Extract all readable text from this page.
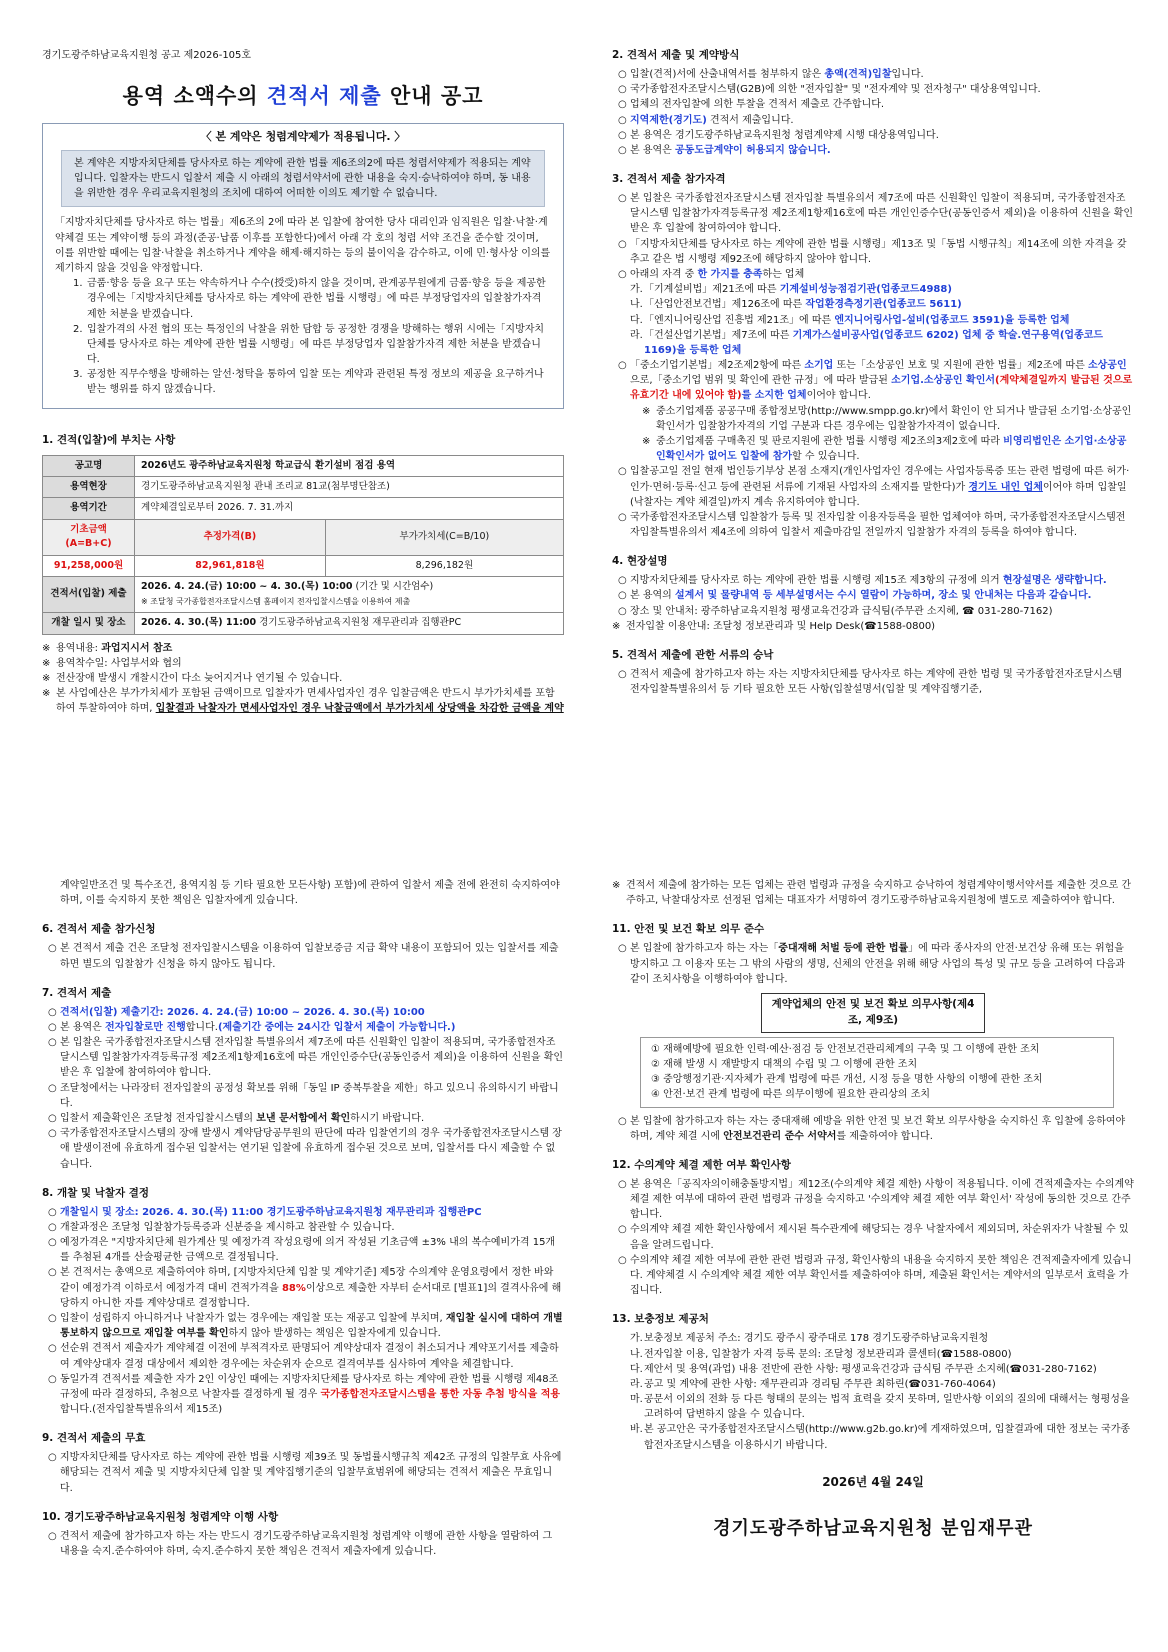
경기도광주하남교육지원청 공고 제2026-105호

용역 소액수의 견적서 제출 안내 공고

〈 본 계약은 청렴계약제가 적용됩니다. 〉

본 계약은 지방자치단체를 당사자로 하는 계약에 관한 법률 제6조의2에 따른 청렴서약제가 적용되는 계약입니다. 입찰자는 반드시 입찰서 제출 시 아래의 청렴서약서에 관한 내용을 숙지·승낙하여야 하며, 동 내용을 위반한 경우 우리교육지원청의 조치에 대하여 어떠한 이의도 제기할 수 없습니다.

「지방자치단체를 당사자로 하는 법률」제6조의 2에 따라 본 입찰에 참여한 당사 대리인과 임직원은 입찰·낙찰·계약체결 또는 계약이행 등의 과정(준공·납품 이후를 포함한다)에서 아래 각 호의 청렴 서약 조건을 준수할 것이며, 이를 위반할 때에는 입찰·낙찰을 취소하거나 계약을 해제·해지하는 등의 불이익을 감수하고, 이에 민·형사상 이의를 제기하지 않을 것임을 약정합니다.

1. 금품·향응 등을 요구 또는 약속하거나 수수(授受)하지 않을 것이며, 관계공무원에게 금품·향응 등을 제공한 경우에는「지방자치단체를 당사자로 하는 계약에 관한 법률 시행령」에 따른 부정당업자의 입찰참가자격 제한 처분을 받겠습니다.
2. 입찰가격의 사전 협의 또는 특정인의 낙찰을 위한 담합 등 공정한 경쟁을 방해하는 행위 시에는「지방자치단체를 당사자로 하는 계약에 관한 법률 시행령」에 따른 부정당업자 입찰참가자격 제한 처분을 받겠습니다.
3. 공정한 직무수행을 방해하는 알선·청탁을 통하여 입찰 또는 계약과 관련된 특정 정보의 제공을 요구하거나 받는 행위를 하지 않겠습니다.

1. 견적(입찰)에 부치는 사항

공고명	2026년도 광주하남교육지원청 학교급식 환기설비 점검 용역	
용역현장	경기도광주하남교육지원청 관내 조리교 81교(첨부명단참조)	
용역기간	계약체결일로부터 2026. 7. 31.까지	
기초금액(A=B+C)	추정가격(B)	부가가치세(C=B/10)
91,258,000원	82,961,818원	8,296,182원
견적서(입찰) 제출	2026. 4. 24.(금) 10:00 ~ 4. 30.(목) 10:00 (기간 및 시간엄수)
※ 조달청 국가종합전자조달시스템 홈페이지 전자입찰시스템을 이용하여 제출	
개찰 일시 및 장소	2026. 4. 30.(목) 11:00 경기도광주하남교육지원청 재무관리과 집행관PC	
※ 용역내용: 과업지시서 참조
※ 용역착수일: 사업부서와 협의
※ 전산장애 발생시 개찰시간이 다소 늦어지거나 연기될 수 있습니다.
※ 본 사업예산은 부가가치세가 포함된 금액이므로 입찰자가 면세사업자인 경우 입찰금액은 반드시 부가가치세를 포함하여 투찰하여야 하며, 입찰결과 낙찰자가 면세사업자인 경우 낙찰금액에서 부가가치세 상당액을 차감한 금액을 계약

2. 견적서 제출 및 계약방식

○ 입찰(견적)서에 산출내역서를 첨부하지 않은 총액(견적)입찰입니다.
○ 국가종합전자조달시스템(G2B)에 의한 "전자입찰" 및 "전자계약 및 전자청구" 대상용역입니다.
○ 업체의 전자입찰에 의한 투찰을 견적서 제출로 간주합니다.
○ 지역제한(경기도) 견적서 제출입니다.
○ 본 용역은 경기도광주하남교육지원청 청렴계약제 시행 대상용역입니다.
○ 본 용역은 공동도급계약이 허용되지 않습니다.

3. 견적서 제출 참가자격

○ 본 입찰은 국가종합전자조달시스템 전자입찰 특별유의서 제7조에 따른 신원확인 입찰이 적용되며, 국가종합전자조달시스템 입찰참가자격등록규정 제2조제1항제16호에 따른 개인인증수단(공동인증서 제외)을 이용하여 신원을 확인받은 후 입찰에 참여하여야 합니다.
○ 「지방자치단체를 당사자로 하는 계약에 관한 법률 시행령」제13조 및「동법 시행규칙」제14조에 의한 자격을 갖추고 같은 법 시행령 제92조에 해당하지 않아야 합니다.
○ 아래의 자격 중 한 가지를 충족하는 업체
가. 「기계설비법」제21조에 따른 기계설비성능점검기관(업종코드4988)
나. 「산업안전보건법」제126조에 따른 작업환경측정기관(업종코드 5611)
다. 「엔지니어링산업 진흥법 제21조」에 따른 엔지니어링사업-설비(업종코드 3591)을 등록한 업체
라. 「건설산업기본법」제7조에 따른 기계가스설비공사업(업종코드 6202) 업체 중 학술.연구용역(업종코드 1169)을 등록한 업체
○ 「중소기업기본법」제2조제2항에 따른 소기업 또는「소상공인 보호 및 지원에 관한 법률」제2조에 따른 소상공인으로,「중소기업 범위 및 확인에 관한 규정」에 따라 발급된 소기업.소상공인 확인서(계약체결일까지 발급된 것으로 유효기간 내에 있어야 함)를 소지한 업체이어야 합니다.
※ 중소기업제품 공공구매 종합정보망(http://www.smpp.go.kr)에서 확인이 안 되거나 발급된 소기업·소상공인확인서가 입찰참가자격의 기업 구분과 다른 경우에는 입찰참가자격이 없습니다.
※ 중소기업제품 구매촉진 및 판로지원에 관한 법률 시행령 제2조의3제2호에 따라 비영리법인은 소기업·소상공인확인서가 없어도 입찰에 참가할 수 있습니다.
○ 입찰공고일 전일 현재 법인등기부상 본점 소재지(개인사업자인 경우에는 사업자등록증 또는 관련 법령에 따른 허가·인가·면허·등록·신고 등에 관련된 서류에 기재된 사업자의 소재지를 말한다)가 경기도 내인 업체이어야 하며 입찰일(낙찰자는 계약 체결일)까지 계속 유지하여야 합니다.
○ 국가종합전자조달시스템 입찰참가 등록 및 전자입찰 이용자등록을 필한 업체여야 하며, 국가종합전자조달시스템전자입찰특별유의서 제4조에 의하여 입찰서 제출마감일 전일까지 입찰참가 자격의 등록을 하여야 합니다.

4. 현장설명

○ 지방자치단체를 당사자로 하는 계약에 관한 법률 시행령 제15조 제3항의 규정에 의거 현장설명은 생략합니다.
○ 본 용역의 설계서 및 물량내역 등 세부설명서는 수시 열람이 가능하며, 장소 및 안내처는 다음과 같습니다.
○ 장소 및 안내처: 광주하남교육지원청 평생교육건강과 급식팀(주무관 소지혜, ☎ 031-280-7162)
※ 전자입찰 이용안내: 조달청 정보관리과 및 Help Desk(☎1588-0800)

5. 견적서 제출에 관한 서류의 승낙

○ 견적서 제출에 참가하고자 하는 자는 지방자치단체를 당사자로 하는 계약에 관한 법령 및 국가종합전자조달시스템 전자입찰특별유의서 등 기타 필요한 모든 사항(입찰설명서(입찰 및 계약집행기준,
계약일반조건 및 특수조건, 용역지침 등 기타 필요한 모든사항) 포함)에 관하여 입찰서 제출 전에 완전히 숙지하여야 하며, 이를 숙지하지 못한 책임은 입찰자에게 있습니다.

6. 견적서 제출 참가신청

○ 본 견적서 제출 건은 조달청 전자입찰시스템을 이용하여 입찰보증금 지급 확약 내용이 포함되어 있는 입찰서를 제출하면 별도의 입찰참가 신청을 하지 않아도 됩니다.

7. 견적서 제출

○ 견적서(입찰) 제출기간: 2026. 4. 24.(금) 10:00 ~ 2026. 4. 30.(목) 10:00
○ 본 용역은 전자입찰로만 진행합니다.(제출기간 중에는 24시간 입찰서 제출이 가능합니다.)
○ 본 입찰은 국가종합전자조달시스템 전자입찰 특별유의서 제7조에 따른 신원확인 입찰이 적용되며, 국가종합전자조달시스템 입찰참가자격등록규정 제2조제1항제16호에 따른 개인인증수단(공동인증서 제외)을 이용하여 신원을 확인받은 후 입찰에 참여하여야 합니다.
○ 조달청에서는 나라장터 전자입찰의 공정성 확보를 위해「동일 IP 중복투찰을 제한」하고 있으니 유의하시기 바랍니다.
○ 입찰서 제출확인은 조달청 전자입찰시스템의 보낸 문서함에서 확인하시기 바랍니다.
○ 국가종합전자조달시스템의 장애 발생시 계약담당공무원의 판단에 따라 입찰연기의 경우 국가종합전자조달시스템 장애 발생이전에 유효하게 접수된 입찰서는 연기된 입찰에 유효하게 접수된 것으로 보며, 입찰서를 다시 제출할 수 없습니다.

8. 개찰 및 낙찰자 결정

○ 개찰일시 및 장소: 2026. 4. 30.(목) 11:00 경기도광주하남교육지원청 재무관리과 집행관PC
○ 개찰과정은 조달청 입찰참가등록증과 신분증을 제시하고 참관할 수 있습니다.
○ 예정가격은 "지방자치단체 원가계산 및 예정가격 작성요령에 의거 작성된 기초금액 ±3% 내의 복수예비가격 15개를 추첨된 4개를 산술평균한 금액으로 결정됩니다.
○ 본 견적서는 총액으로 제출하여야 하며, [지방자치단체 입찰 및 계약기준] 제5장 수의계약 운영요령에서 정한 바와 같이 예정가격 이하로서 예정가격 대비 견적가격을 88%이상으로 제출한 자부터 순서대로 [별표1]의 결격사유에 해당하지 아니한 자를 계약상대로 결정합니다.
○ 입찰이 성립하지 아니하거나 낙찰자가 없는 경우에는 재입찰 또는 재공고 입찰에 부치며, 재입찰 실시에 대하여 개별 통보하지 않으므로 재입찰 여부를 확인하지 않아 발생하는 책임은 입찰자에게 있습니다.
○ 선순위 견적서 제출자가 계약체결 이전에 부적격자로 판명되어 계약상대자 결정이 취소되거나 계약포기서를 제출하여 계약상대자 결정 대상에서 제외한 경우에는 차순위자 순으로 결격여부를 심사하여 계약을 체결합니다.
○ 동일가격 견적서를 제출한 자가 2인 이상인 때에는 지방자치단체를 당사자로 하는 계약에 관한 법률 시행령 제48조 규정에 따라 결정하되, 추첨으로 낙찰자를 결정하게 될 경우 국가종합전자조달시스템을 통한 자동 추첨 방식을 적용합니다.(전자입찰특별유의서 제15조)

9. 견적서 제출의 무효

○ 지방자치단체를 당사자로 하는 계약에 관한 법률 시행령 제39조 및 동법률시행규칙 제42조 규정의 입찰무효 사유에 해당되는 견적서 제출 및 지방자치단체 입찰 및 계약집행기준의 입찰무효범위에 해당되는 견적서 제출은 무효입니다.

10. 경기도광주하남교육지원청 청렴계약 이행 사항

○ 견적서 제출에 참가하고자 하는 자는 반드시 경기도광주하남교육지원청 청렴계약 이행에 관한 사항을 열람하여 그 내용을 숙지.준수하여야 하며, 숙지.준수하지 못한 책임은 견적서 제출자에게 있습니다.
※ 견적서 제출에 참가하는 모든 업체는 관련 법령과 규정을 숙지하고 승낙하여 청렴계약이행서약서를 제출한 것으로 간주하고, 낙찰대상자로 선정된 업체는 대표자가 서명하여 경기도광주하남교육지원청에 별도로 제출하여야 합니다.

11. 안전 및 보건 확보 의무 준수

○ 본 입찰에 참가하고자 하는 자는「중대재해 처벌 등에 관한 법률」에 따라 종사자의 안전·보건상 유해 또는 위험을 방지하고 그 이용자 또는 그 밖의 사람의 생명, 신체의 안전을 위해 해당 사업의 특성 및 규모 등을 고려하여 다음과 같이 조치사항을 이행하여야 합니다.
계약업체의 안전 및 보건 확보 의무사항(제4조, 제9조)

① 재해예방에 필요한 인력·예산·점검 등 안전보건관리체계의 구축 및 그 이행에 관한 조치

② 재해 발생 시 재발방지 대책의 수립 및 그 이행에 관한 조치

③ 중앙행정기관·지자체가 관계 법령에 따른 개선, 시정 등을 명한 사항의 이행에 관한 조치

④ 안전·보건 관계 법령에 따른 의무이행에 필요한 관리상의 조치

○ 본 입찰에 참가하고자 하는 자는 중대재해 예방을 위한 안전 및 보건 확보 의무사항을 숙지하신 후 입찰에 응하여야 하며, 계약 체결 시에 안전보건관리 준수 서약서를 제출하여야 합니다.

12. 수의계약 체결 제한 여부 확인사항

○ 본 용역은「공직자의이해충돌방지법」제12조(수의계약 체결 제한) 사항이 적용됩니다. 이에 견적제출자는 수의계약 체결 제한 여부에 대하여 관련 법령과 규정을 숙지하고 '수의계약 체결 제한 여부 확인서' 작성에 동의한 것으로 간주합니다.
○ 수의계약 체결 제한 확인사항에서 제시된 특수관계에 해당되는 경우 낙찰자에서 제외되며, 차순위자가 낙찰될 수 있음을 알려드립니다.
○ 수의계약 체결 제한 여부에 관한 관련 법령과 규정, 확인사항의 내용을 숙지하지 못한 책임은 견적제출자에게 있습니다. 계약체결 시 수의계약 체결 제한 여부 확인서를 제출하여야 하며, 제출된 확인서는 계약서의 일부로서 효력을 가집니다.

13. 보충정보 제공처

가. 보충정보 제공처 주소: 경기도 광주시 광주대로 178 경기도광주하남교육지원청
나. 전자입찰 이용, 입찰참가 자격 등록 문의: 조달청 정보관리과 콜센터(☎1588-0800)
다. 제안서 및 용역(과업) 내용 전반에 관한 사항: 평생교육건강과 급식팀 주무관 소지혜(☎031-280-7162)
라. 공고 및 계약에 관한 사항: 재무관리과 경리팀 주무관 최하린(☎031-760-4064)
마. 공문서 이외의 전화 등 다른 형태의 문의는 법적 효력을 갖지 못하며, 일반사항 이외의 질의에 대해서는 형평성을 고려하여 답변하지 않을 수 있습니다.
바. 본 공고안은 국가종합전자조달시스템(http://www.g2b.go.kr)에 게재하였으며, 입찰결과에 대한 정보는 국가종합전자조달시스템을 이용하시기 바랍니다.

2026년 4월 24일

경기도광주하남교육지원청 분임재무관
